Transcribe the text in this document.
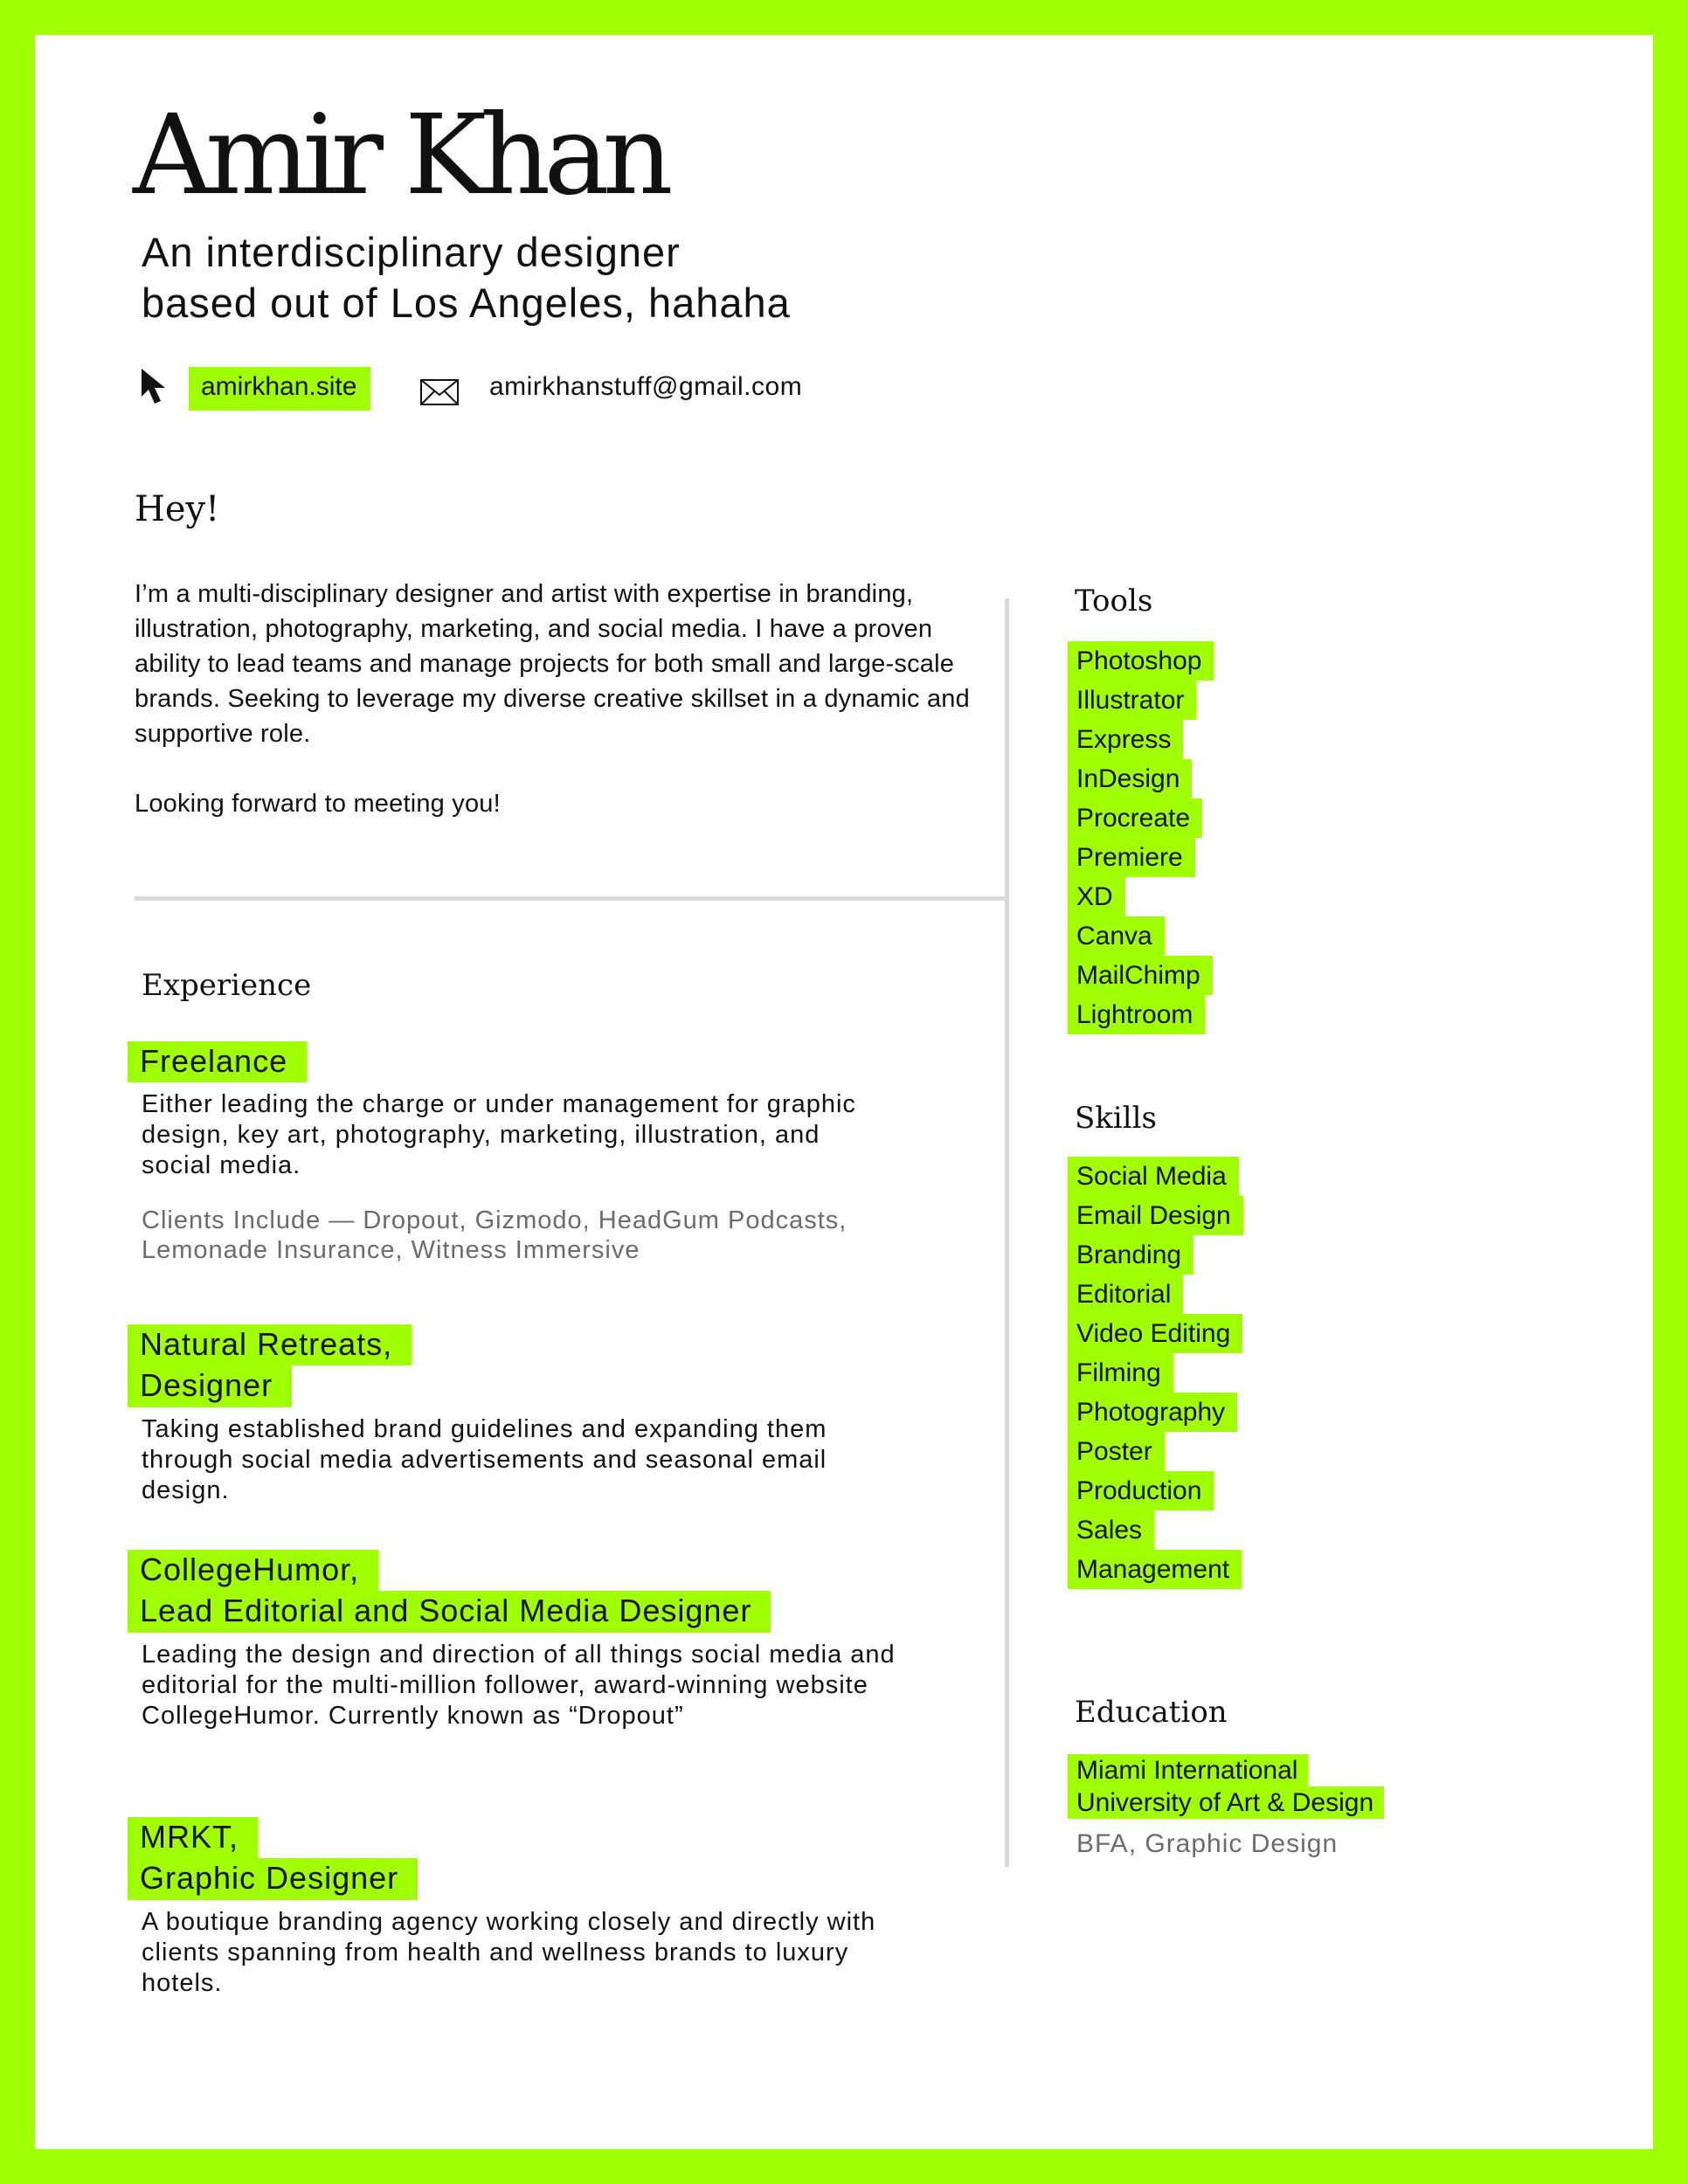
Amir Khan
An interdisciplinary designer
based out of Los Angeles, hahaha
amirkhan.site	amirkhanstuff@gmail.com
Hey!

I’m a multi-disciplinary designer and artist with expertise in branding, illustration, photography, marketing, and social media. I have a proven ability to lead teams and manage projects for both small and large-scale brands. Seeking to leverage my diverse creative skillset in a dynamic and supportive role.

Looking forward to meeting you!

Experience
Freelance
Either leading the charge or under management for graphic design, key art, photography, marketing, illustration, and social media.
Clients Include — Dropout, Gizmodo, HeadGum Podcasts, Lemonade Insurance, Witness Immersive
Natural Retreats,
Designer
Taking established brand guidelines and expanding them through social media advertisements and seasonal email design.
CollegeHumor,
Lead Editorial and Social Media Designer
Leading the design and direction of all things social media and editorial for the multi-million follower, award-winning website CollegeHumor. Currently known as “Dropout”
MRKT,
Graphic Designer
A boutique branding agency working closely and directly with clients spanning from health and wellness brands to luxury hotels.
Tools
Photoshop
Illustrator
Express
InDesign
Procreate
Premiere
XD
Canva
MailChimp
Lightroom
Skills
Social Media
Email Design
Branding
Editorial
Video Editing
Filming
Photography
Poster
Production
Sales
Management
Education
Miami International
University of Art & Design
BFA, Graphic Design
